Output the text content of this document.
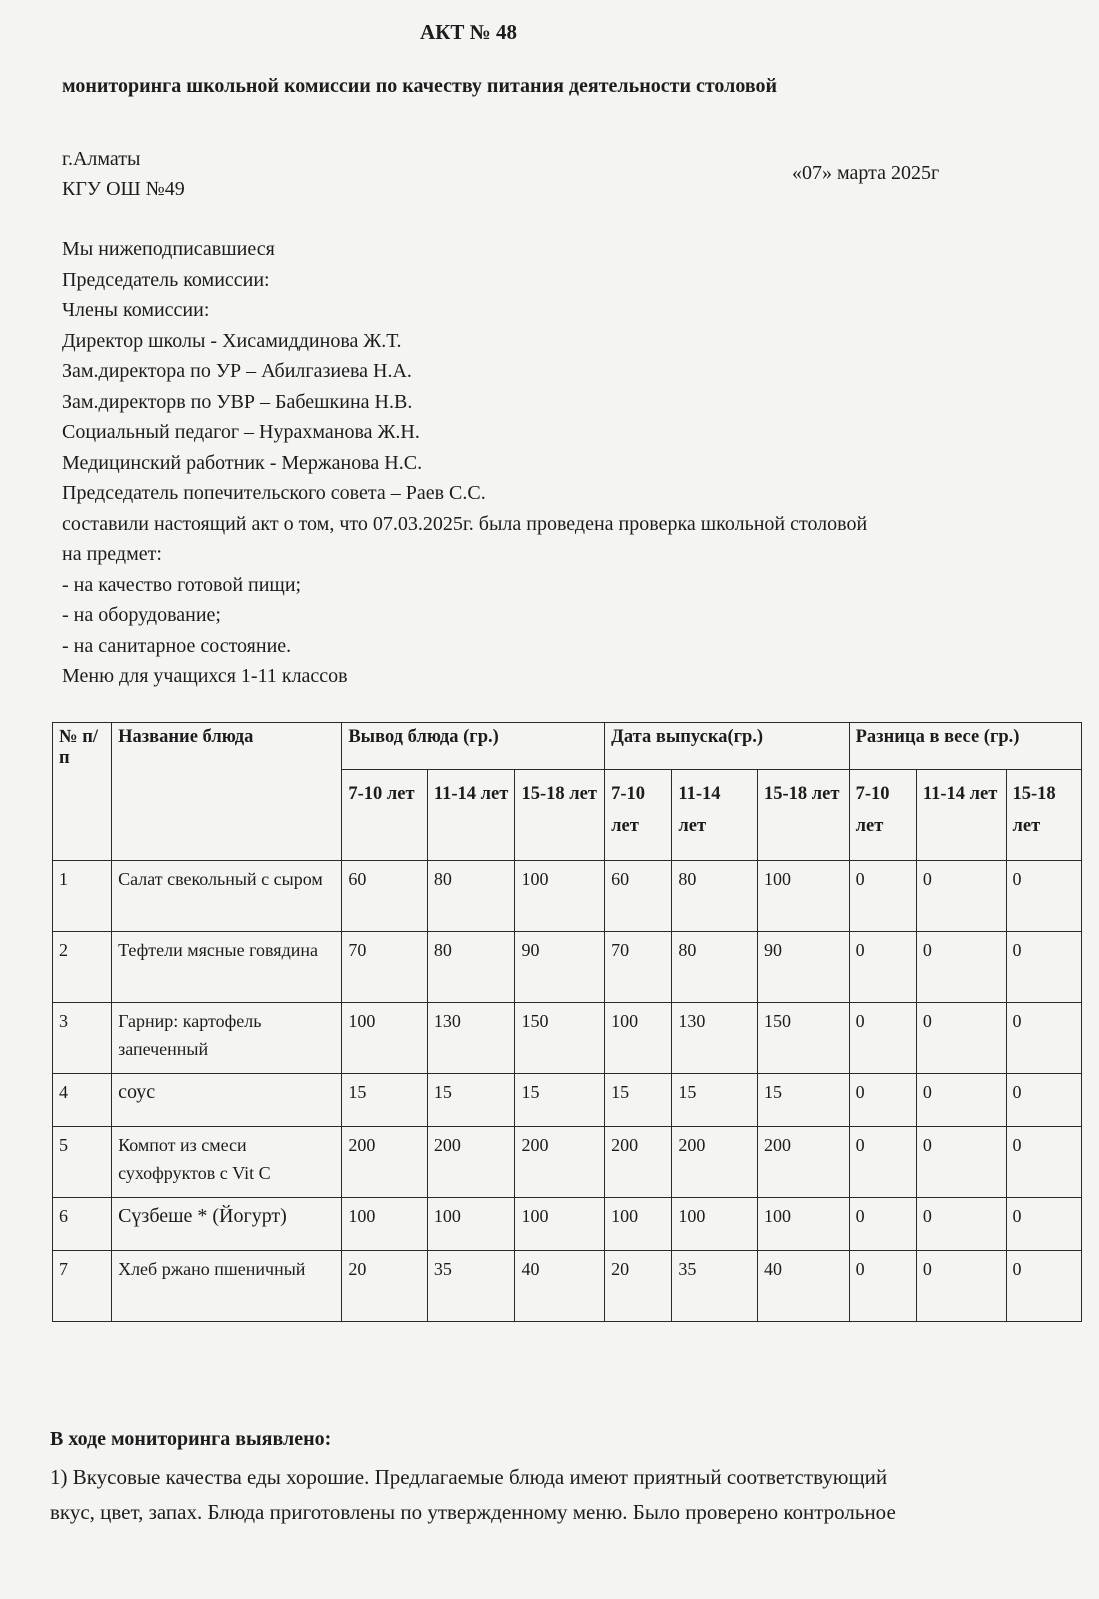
АКТ № 48
мониторинга школьной комиссии по качеству питания деятельности столовой
г.Алматы
КГУ ОШ №49
«07» марта 2025г
Мы нижеподписавшиеся
Председатель комиссии:
Члены комиссии:
Директор школы - Хисамиддинова Ж.Т.
Зам.директора по УР – Абилгазиева Н.А.
Зам.директорв по УВР – Бабешкина Н.В.
Социальный педагог – Нурахманова Ж.Н.
Медицинский работник - Мержанова Н.С.
Председатель попечительского совета – Раев С.С.
составили настоящий акт о том, что 07.03.2025г. была проведена проверка школьной столовой
на предмет:
- на качество готовой пищи;
- на оборудование;
- на санитарное состояние.
Меню для учащихся 1-11 классов
№ п/п	Название блюда	Вывод блюда (гр.)			Дата выпуска(гр.)			Разница в весе (гр.)		
		7-10 лет	11-14 лет	15-18 лет	7-10 лет	11-14 лет	15-18 лет	7-10 лет	11-14 лет	15-18 лет
1	Салат свекольный с сыром	60	80	100	60	80	100	0	0	0
2	Тефтели мясные говядина	70	80	90	70	80	90	0	0	0
3	Гарнир: картофель запеченный	100	130	150	100	130	150	0	0	0
4	соус	15	15	15	15	15	15	0	0	0
5	Компот из смеси сухофруктов с Vit C	200	200	200	200	200	200	0	0	0
6	Сүзбеше * (Йогурт)	100	100	100	100	100	100	0	0	0
7	Хлеб ржано пшеничный	20	35	40	20	35	40	0	0	0
В ходе мониторинга выявлено:
1) Вкусовые качества еды хорошие. Предлагаемые блюда имеют приятный соответствующий
вкус, цвет, запах. Блюда приготовлены по утвержденному меню. Было проверено контрольное
